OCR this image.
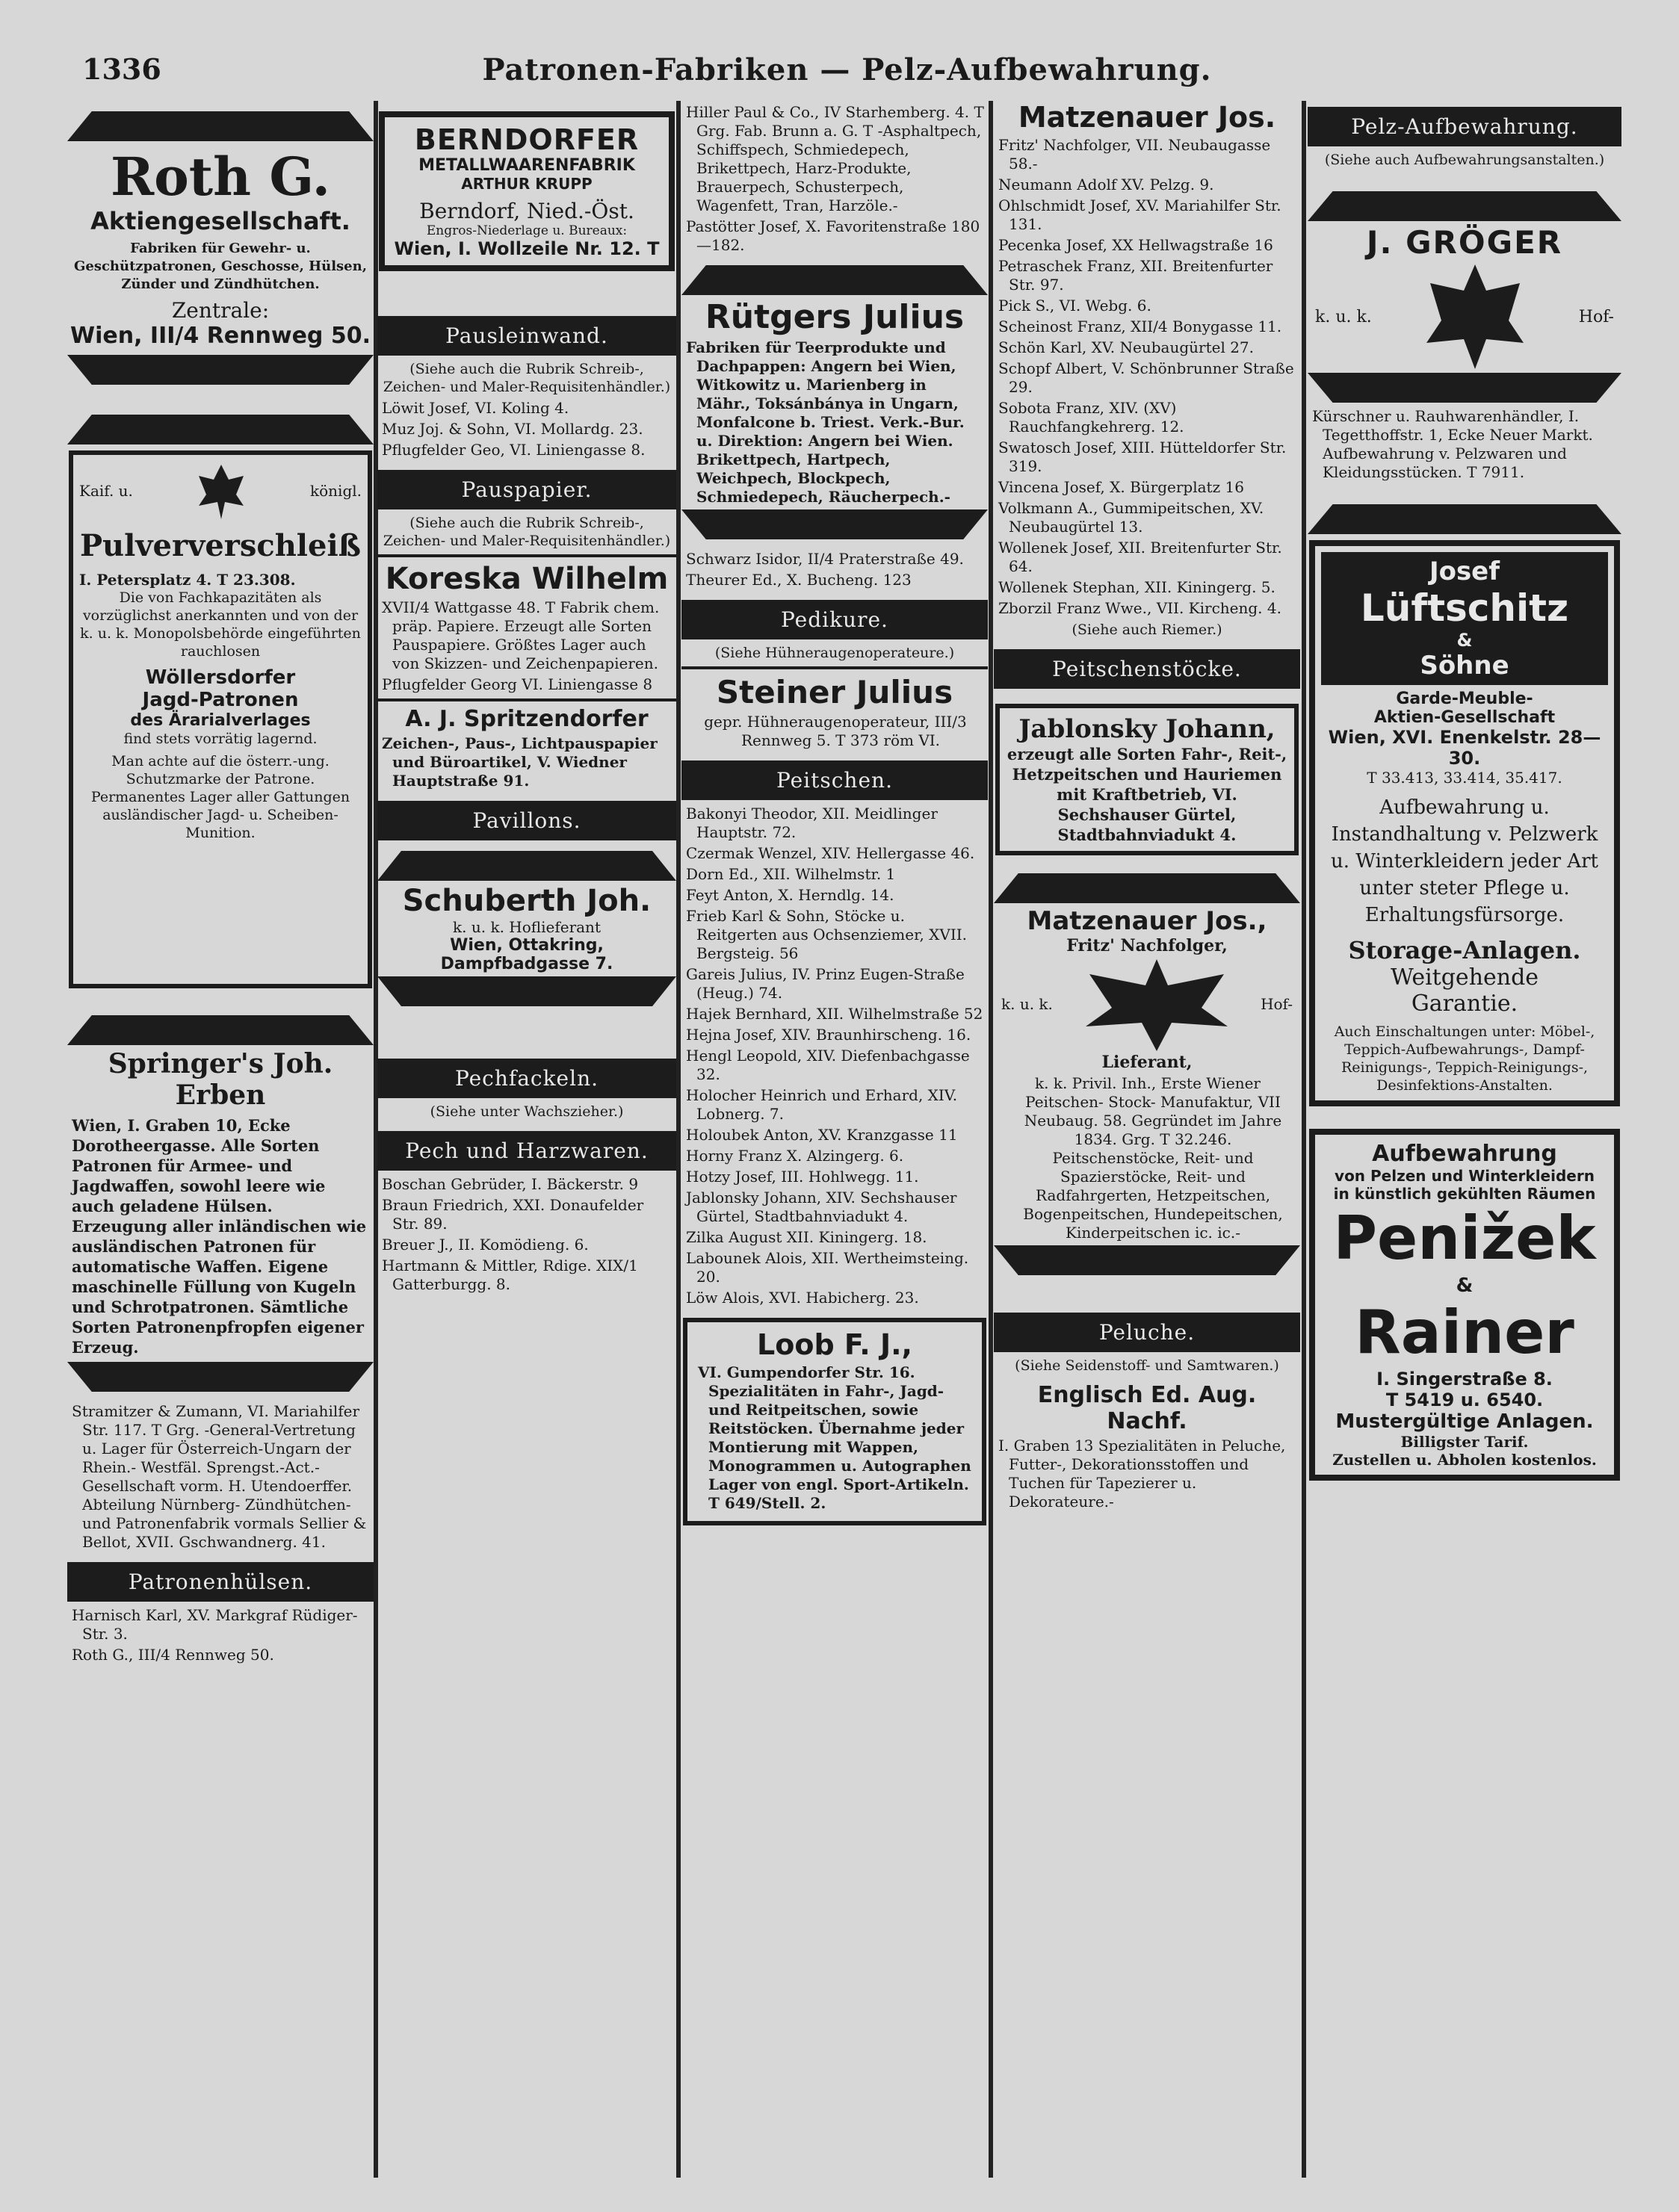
1336	Patronen-Fabriken — Pelz-Aufbewahrung.
Roth G.
Aktiengesellschaft.
Fabriken für Gewehr- u. Geschützpatronen, Geschosse, Hülsen, Zünder und Zündhütchen.
Zentrale:
Wien, III/4 Rennweg 50.
Kaif. u.	königl.
Pulververschleiß
I. Petersplatz 4. T 23.308.
Die von Fachkapazitäten als vorzüglichst anerkannten und von der k. u. k. Monopolsbehörde eingeführten rauchlosen
Wöllersdorfer
Jagd-Patronen
des Ärarialverlages
find stets vorrätig lagernd.
Man achte auf die österr.-ung. Schutzmarke der Patrone. Permanentes Lager aller Gattungen ausländischer Jagd- u. Scheiben-Munition.
Springer's Joh. Erben
Wien, I. Graben 10, Ecke Dorotheergasse. Alle Sorten Patronen für Armee- und Jagdwaffen, sowohl leere wie auch geladene Hülsen. Erzeugung aller inländischen wie ausländischen Patronen für automatische Waffen. Eigene maschinelle Füllung von Kugeln und Schrotpatronen. Sämtliche Sorten Patronenpfropfen eigener Erzeug.
Stramitzer & Zumann, VI. Mariahilfer Str. 117. T Grg. -General-Vertretung u. Lager für Österreich-Ungarn der Rhein.- Westfäl. Sprengst.-Act.-Gesellschaft vorm. H. Utendoerffer. Abteilung Nürnberg- Zündhütchen- und Patronenfabrik vormals Sellier & Bellot, XVII. Gschwandnerg. 41.
Patronenhülsen.
Harnisch Karl, XV. Markgraf Rüdiger-Str. 3.
Roth G., III/4 Rennweg 50.
BERNDORFER
METALLWAARENFABRIK
ARTHUR KRUPP
Berndorf, Nied.-Öst.
Engros-Niederlage u. Bureaux:
Wien, I. Wollzeile Nr. 12. T
Pausleinwand.
(Siehe auch die Rubrik Schreib-, Zeichen- und Maler-Requisitenhändler.)
Löwit Josef, VI. Koling 4.
Muz Joj. & Sohn, VI. Mollardg. 23.
Pflugfelder Geo, VI. Liniengasse 8.
Pauspapier.
(Siehe auch die Rubrik Schreib-, Zeichen- und Maler-Requisitenhändler.)
Koreska Wilhelm
XVII/4 Wattgasse 48. T Fabrik chem. präp. Papiere. Erzeugt alle Sorten Pauspapiere. Größtes Lager auch von Skizzen- und Zeichenpapieren.
Pflugfelder Georg VI. Liniengasse 8
A. J. Spritzendorfer
Zeichen-, Paus-, Lichtpauspapier und Büroartikel, V. Wiedner Hauptstraße 91.
Pavillons.
Schuberth Joh.
k. u. k. Hoflieferant
Wien, Ottakring, Dampfbadgasse 7.
Pechfackeln.
(Siehe unter Wachszieher.)
Pech und Harzwaren.
Boschan Gebrüder, I. Bäckerstr. 9
Braun Friedrich, XXI. Donaufelder Str. 89.
Breuer J., II. Komödieng. 6.
Hartmann & Mittler, Rdige. XIX/1 Gatterburgg. 8.
Hiller Paul & Co., IV Starhemberg. 4. T Grg. Fab. Brunn a. G. T -Asphaltpech, Schiffspech, Schmiedepech, Brikettpech, Harz-Produkte, Brauerpech, Schusterpech, Wagenfett, Tran, Harzöle.-
Pastötter Josef, X. Favoritenstraße 180—182.
Rütgers Julius
Fabriken für Teerprodukte und Dachpappen: Angern bei Wien, Witkowitz u. Marienberg in Mähr., Toksánbánya in Ungarn, Monfalcone b. Triest. Verk.-Bur. u. Direktion: Angern bei Wien. Brikettpech, Hartpech, Weichpech, Blockpech, Schmiedepech, Räucherpech.-
Schwarz Isidor, II/4 Praterstraße 49.
Theurer Ed., X. Bucheng. 123
Pedikure.
(Siehe Hühneraugenoperateure.)
Steiner Julius
gepr. Hühneraugenoperateur, III/3 Rennweg 5. T 373 röm VI.
Peitschen.
Bakonyi Theodor, XII. Meidlinger Hauptstr. 72.
Czermak Wenzel, XIV. Hellergasse 46.
Dorn Ed., XII. Wilhelmstr. 1
Feyt Anton, X. Herndlg. 14.
Frieb Karl & Sohn, Stöcke u. Reitgerten aus Ochsenziemer, XVII. Bergsteig. 56
Gareis Julius, IV. Prinz Eugen-Straße (Heug.) 74.
Hajek Bernhard, XII. Wilhelmstraße 52
Hejna Josef, XIV. Braunhirscheng. 16.
Hengl Leopold, XIV. Diefenbachgasse 32.
Holocher Heinrich und Erhard, XIV. Lobnerg. 7.
Holoubek Anton, XV. Kranzgasse 11
Horny Franz X. Alzingerg. 6.
Hotzy Josef, III. Hohlwegg. 11.
Jablonsky Johann, XIV. Sechshauser Gürtel, Stadtbahnviadukt 4.
Zilka August XII. Kiningerg. 18.
Labounek Alois, XII. Wertheimsteing. 20.
Löw Alois, XVI. Habicherg. 23.
Loob F. J.,
VI. Gumpendorfer Str. 16. Spezialitäten in Fahr-, Jagd- und Reitpeitschen, sowie Reitstöcken. Übernahme jeder Montierung mit Wappen, Monogrammen u. Autographen Lager von engl. Sport-Artikeln. T 649/Stell. 2.
Matzenauer Jos.
Fritz' Nachfolger, VII. Neubaugasse 58.-
Neumann Adolf XV. Pelzg. 9.
Ohlschmidt Josef, XV. Mariahilfer Str. 131.
Pecenka Josef, XX Hellwagstraße 16
Petraschek Franz, XII. Breitenfurter Str. 97.
Pick S., VI. Webg. 6.
Scheinost Franz, XII/4 Bonygasse 11.
Schön Karl, XV. Neubaugürtel 27.
Schopf Albert, V. Schönbrunner Straße 29.
Sobota Franz, XIV. (XV) Rauchfangkehrerg. 12.
Swatosch Josef, XIII. Hütteldorfer Str. 319.
Vincena Josef, X. Bürgerplatz 16
Volkmann A., Gummipeitschen, XV. Neubaugürtel 13.
Wollenek Josef, XII. Breitenfurter Str. 64.
Wollenek Stephan, XII. Kiningerg. 5.
Zborzil Franz Wwe., VII. Kircheng. 4.
(Siehe auch Riemer.)
Peitschenstöcke.
Jablonsky Johann,
erzeugt alle Sorten Fahr-, Reit-, Hetzpeitschen und Hauriemen mit Kraftbetrieb, VI. Sechshauser Gürtel, Stadtbahnviadukt 4.
Matzenauer Jos.,
Fritz' Nachfolger,
k. u. k.	Hof-
Lieferant,
k. k. Privil. Inh., Erste Wiener Peitschen- Stock- Manufaktur, VII Neubaug. 58. Gegründet im Jahre 1834. Grg. T 32.246. Peitschenstöcke, Reit- und Spazierstöcke, Reit- und Radfahrgerten, Hetzpeitschen, Bogenpeitschen, Hundepeitschen, Kinderpeitschen ic. ic.-
Peluche.
(Siehe Seidenstoff- und Samtwaren.)
Englisch Ed. Aug. Nachf.
I. Graben 13 Spezialitäten in Peluche, Futter-, Dekorationsstoffen und Tuchen für Tapezierer u. Dekorateure.-
Pelz-Aufbewahrung.
(Siehe auch Aufbewahrungsanstalten.)
J. GRÖGER
k. u. k.	Hof-
Kürschner u. Rauhwarenhändler, I. Tegetthoffstr. 1, Ecke Neuer Markt. Aufbewahrung v. Pelzwaren und Kleidungsstücken. T 7911.
Josef
Lüftschitz
&
Söhne
Garde-Meuble-
Aktien-Gesellschaft
Wien, XVI. Enenkelstr. 28—30.
T 33.413, 33.414, 35.417.
Aufbewahrung u. Instandhaltung v. Pelzwerk u. Winterkleidern jeder Art unter steter Pflege u. Erhaltungsfürsorge.
Storage-Anlagen.
Weitgehende
Garantie.
Auch Einschaltungen unter: Möbel-, Teppich-Aufbewahrungs-, Dampf-Reinigungs-, Teppich-Reinigungs-, Desinfektions-Anstalten.
Aufbewahrung
von Pelzen und Winterkleidern
in künstlich gekühlten Räumen
Penižek
&
Rainer
I. Singerstraße 8.
T 5419 u. 6540.
Mustergültige Anlagen.
Billigster Tarif.
Zustellen u. Abholen kostenlos.
